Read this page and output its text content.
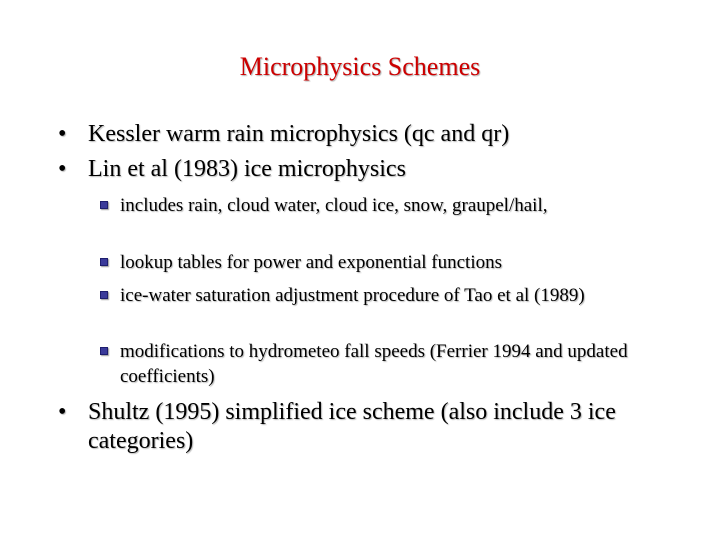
Microphysics Schemes
• Kessler warm rain microphysics (qc and qr)
• Lin et al (1983) ice microphysics
includes rain, cloud water, cloud ice, snow, graupel/hail,
lookup tables for power and exponential functions
ice-water saturation adjustment procedure of Tao et al (1989)
modifications to hydrometeo fall speeds (Ferrier 1994 and updated coefficients)
• Shultz (1995) simplified ice scheme (also include 3 ice categories)
